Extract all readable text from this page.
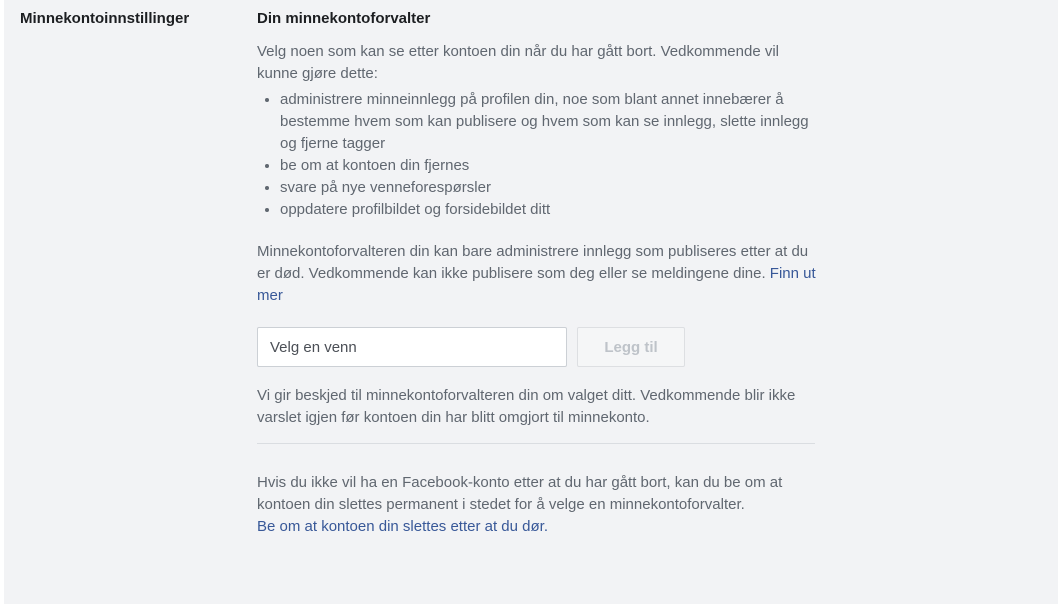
Minnekontoinnstillinger	Din minnekontoforvalter

Velg noen som kan se etter kontoen din når du har gått bort. Vedkommende vil kunne gjøre dette:

• administrere minneinnlegg på profilen din, noe som blant annet innebærer å bestemme hvem som kan publisere og hvem som kan se innlegg, slette innlegg og fjerne tagger
• be om at kontoen din fjernes
• svare på nye venneforespørsler
• oppdatere profilbildet og forsidebildet ditt

Minnekontoforvalteren din kan bare administrere innlegg som publiseres etter at du er død. Vedkommende kan ikke publisere som deg eller se meldingene dine. Finn ut mer

Velg en venn
Legg til

Vi gir beskjed til minnekontoforvalteren din om valget ditt. Vedkommende blir ikke varslet igjen før kontoen din har blitt omgjort til minnekonto.

Hvis du ikke vil ha en Facebook-konto etter at du har gått bort, kan du be om at kontoen din slettes permanent i stedet for å velge en minnekontoforvalter.

Be om at kontoen din slettes etter at du dør.
